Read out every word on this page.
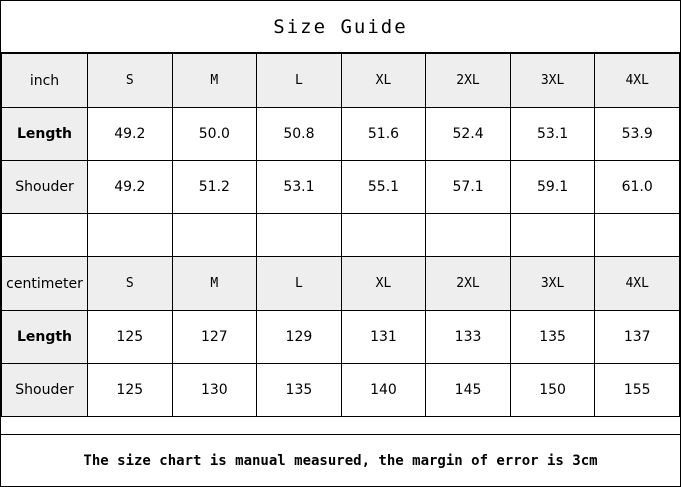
Size Guide
inch	S	M	L	XL	2XL	3XL	4XL
Length	49.2	50.0	50.8	51.6	52.4	53.1	53.9
Shouder	49.2	51.2	53.1	55.1	57.1	59.1	61.0

centimeter	S	M	L	XL	2XL	3XL	4XL
Length	125	127	129	131	133	135	137
Shouder	125	130	135	140	145	150	155
The size chart is manual measured, the margin of error is 3cm
